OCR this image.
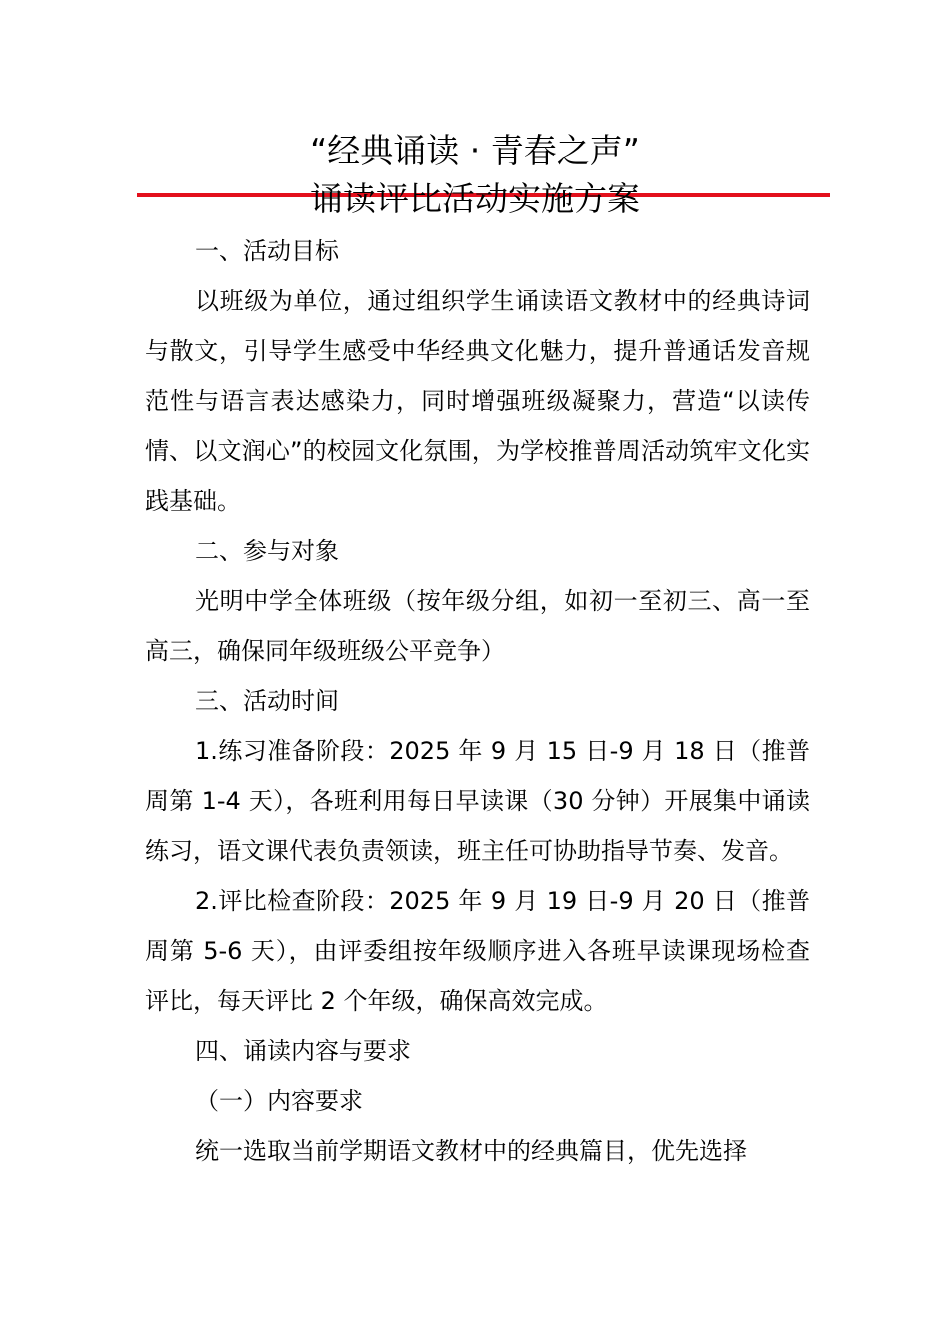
“经典诵读 · 青春之声”
诵读评比活动实施方案

一、活动目标

以班级为单位，通过组织学生诵读语文教材中的经典诗词与散文，引导学生感受中华经典文化魅力，提升普通话发音规范性与语言表达感染力，同时增强班级凝聚力，营造“以读传情、以文润心”的校园文化氛围，为学校推普周活动筑牢文化实践基础。

二、参与对象

光明中学全体班级（按年级分组，如初一至初三、高一至高三，确保同年级班级公平竞争）

三、活动时间

1.练习准备阶段：2025 年 9 月 15 日-9 月 18 日（推普周第 1-4 天），各班利用每日早读课（30 分钟）开展集中诵读练习，语文课代表负责领读，班主任可协助指导节奏、发音。

2.评比检查阶段：2025 年 9 月 19 日-9 月 20 日（推普周第 5-6 天），由评委组按年级顺序进入各班早读课现场检查评比，每天评比 2 个年级，确保高效完成。

四、诵读内容与要求

（一）内容要求

统一选取当前学期语文教材中的经典篇目，优先选择
